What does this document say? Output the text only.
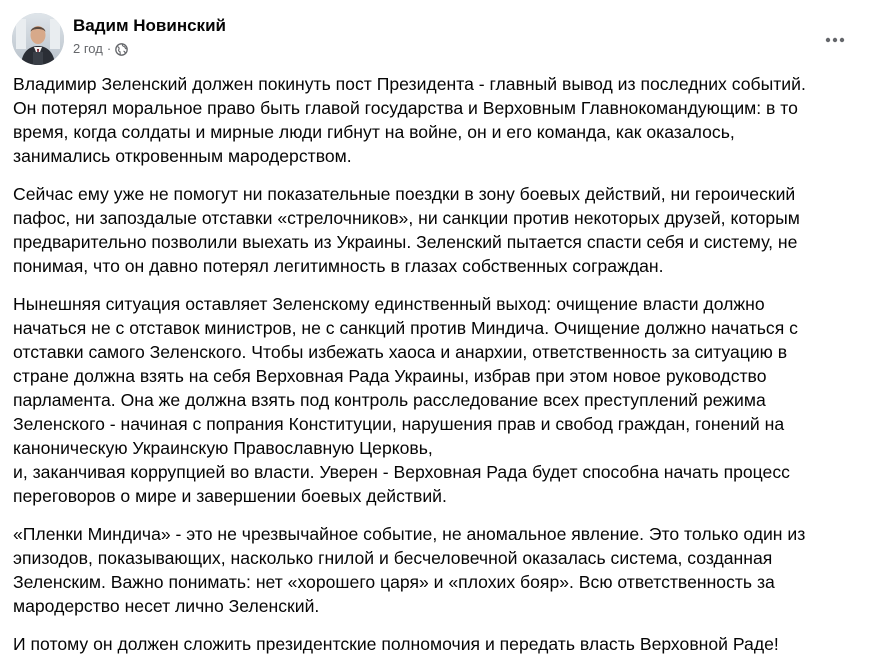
Вадим Новинский
2 год ·

Владимир Зеленский должен покинуть пост Президента - главный вывод из последних событий.
Он потерял моральное право быть главой государства и Верховным Главнокомандующим: в то
время, когда солдаты и мирные люди гибнут на войне, он и его команда, как оказалось,
занимались откровенным мародерством.

Сейчас ему уже не помогут ни показательные поездки в зону боевых действий, ни героический
пафос, ни запоздалые отставки «стрелочников», ни санкции против некоторых друзей, которым
предварительно позволили выехать из Украины. Зеленский пытается спасти себя и систему, не
понимая, что он давно потерял легитимность в глазах собственных сограждан.

Нынешняя ситуация оставляет Зеленскому единственный выход: очищение власти должно
начаться не с отставок министров, не с санкций против Миндича. Очищение должно начаться с
отставки самого Зеленского. Чтобы избежать хаоса и анархии, ответственность за ситуацию в
стране должна взять на себя Верховная Рада Украины, избрав при этом новое руководство
парламента. Она же должна взять под контроль расследование всех преступлений режима
Зеленского - начиная с попрания Конституции, нарушения прав и свобод граждан, гонений на
каноническую Украинскую Православную Церковь,
и, заканчивая коррупцией во власти. Уверен - Верховная Рада будет способна начать процесс
переговоров о мире и завершении боевых действий.

«Пленки Миндича» - это не чрезвычайное событие, не аномальное явление. Это только один из
эпизодов, показывающих, насколько гнилой и бесчеловечной оказалась система, созданная
Зеленским. Важно понимать: нет «хорошего царя» и «плохих бояр». Всю ответственность за
мародерство несет лично Зеленский.

И потому он должен сложить президентские полномочия и передать власть Верховной Раде!
